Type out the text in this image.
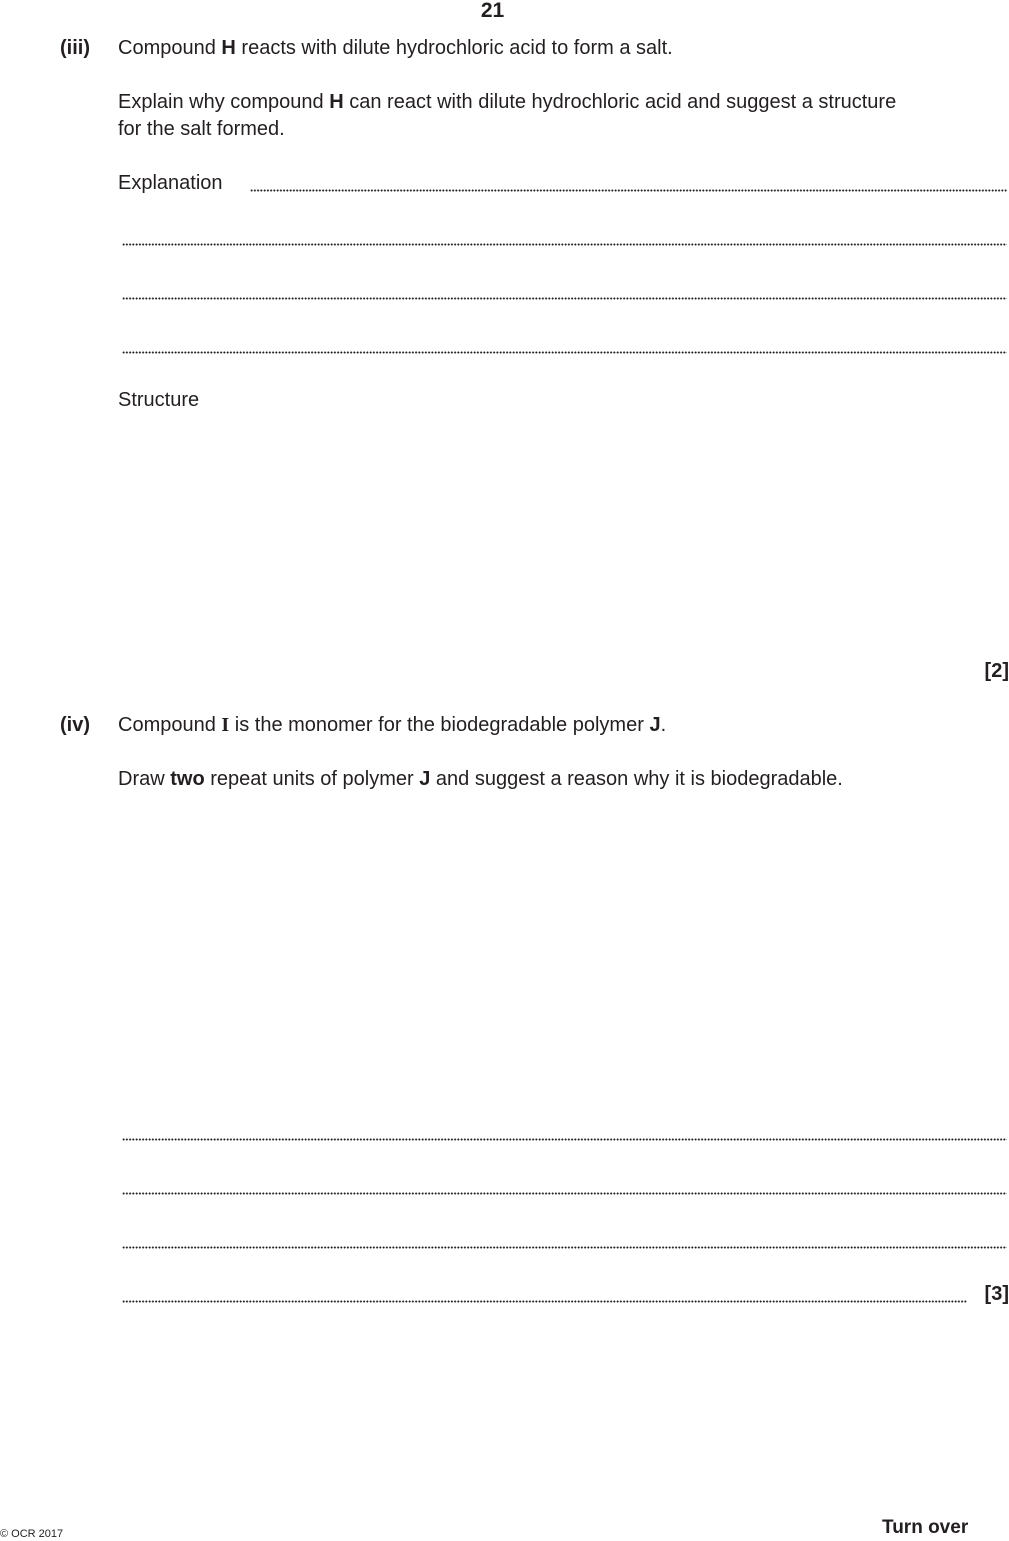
21
(iii) Compound H reacts with dilute hydrochloric acid to form a salt.
Explain why compound H can react with dilute hydrochloric acid and suggest a structure
for the salt formed.
Explanation
Structure
[2]
(iv) Compound I is the monomer for the biodegradable polymer J.
Draw two repeat units of polymer J and suggest a reason why it is biodegradable.
[3]
© OCR 2017	Turn over
